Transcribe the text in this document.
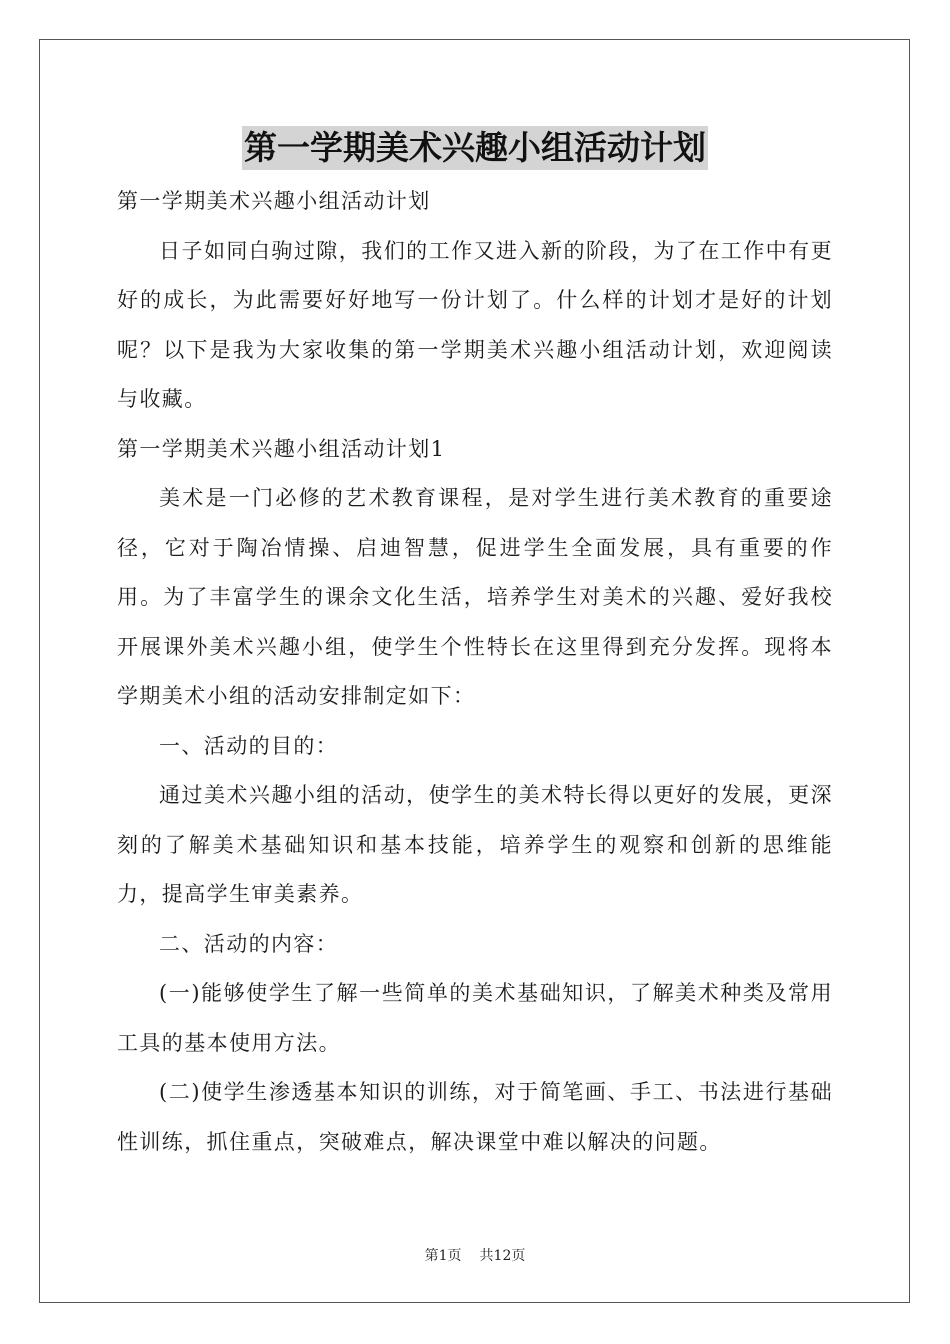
第一学期美术兴趣小组活动计划

第一学期美术兴趣小组活动计划

日子如同白驹过隙，我们的工作又进入新的阶段，为了在工作中有更好的成长，为此需要好好地写一份计划了。什么样的计划才是好的计划呢？以下是我为大家收集的第一学期美术兴趣小组活动计划，欢迎阅读与收藏。

第一学期美术兴趣小组活动计划1

美术是一门必修的艺术教育课程，是对学生进行美术教育的重要途径，它对于陶冶情操、启迪智慧，促进学生全面发展，具有重要的作用。为了丰富学生的课余文化生活，培养学生对美术的兴趣、爱好我校开展课外美术兴趣小组，使学生个性特长在这里得到充分发挥。现将本学期美术小组的活动安排制定如下：

一、活动的目的：

通过美术兴趣小组的活动，使学生的美术特长得以更好的发展，更深刻的了解美术基础知识和基本技能，培养学生的观察和创新的思维能力，提高学生审美素养。

二、活动的内容：

(一)能够使学生了解一些简单的美术基础知识，了解美术种类及常用工具的基本使用方法。

(二)使学生渗透基本知识的训练，对于简笔画、手工、书法进行基础性训练，抓住重点，突破难点，解决课堂中难以解决的问题。

第1页 共12页
